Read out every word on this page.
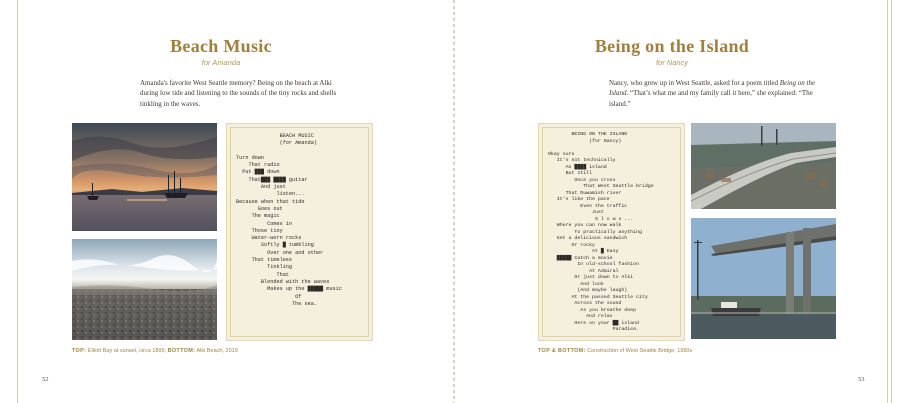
Beach Music
for Amanda
Amanda's favorite West Seattle memory? Being on the beach at Alki during low tide and listening to the sounds of the tiny rocks and shells tinkling in the waves.
BEACH MUSIC
(for Amanda)

Turn down
That radio
Put ███ down
That███ ████ guitar
And just
listen...
Because when that tide
Goes out
The magic
Comes in
Those tiny
Water-worn rocks
Softly █ tumbling
Over one and other
That timeless
Tinkling
That
Blended with the waves
Makes up the █████ music
Of
The sea.
TOP: Elliott Bay at sunset, circa 1895; BOTTOM: Alki Beach, 2019
52
Being on the Island
for Nancy
Nancy, who grew up in West Seattle, asked for a poem titled Being on the Island. “That’s what me and my family call it here,” she explained: “The island.”
BEING ON THE ISLAND
(for Nancy)

Okay sure
It's not technically
An ████ island
But still
Once you cross
That West Seattle bridge
That Duwamish river
It's like the pace
Even the traffic
Just
S l o w s ...
Where you can now walk
To practically anything
Get a delicious sandwich
Or rocky
At █ Easy
█████ Catch a movie
In old-school fashion
At Admiral
Or just down to Alki
And look
(And maybe laugh)
At the passed Seattle city
Across the sound
As you breathe deep
And relax
Here on your ██ island
Paradise.
TOP & BOTTOM: Construction of West Seattle Bridge, 1980s
53
